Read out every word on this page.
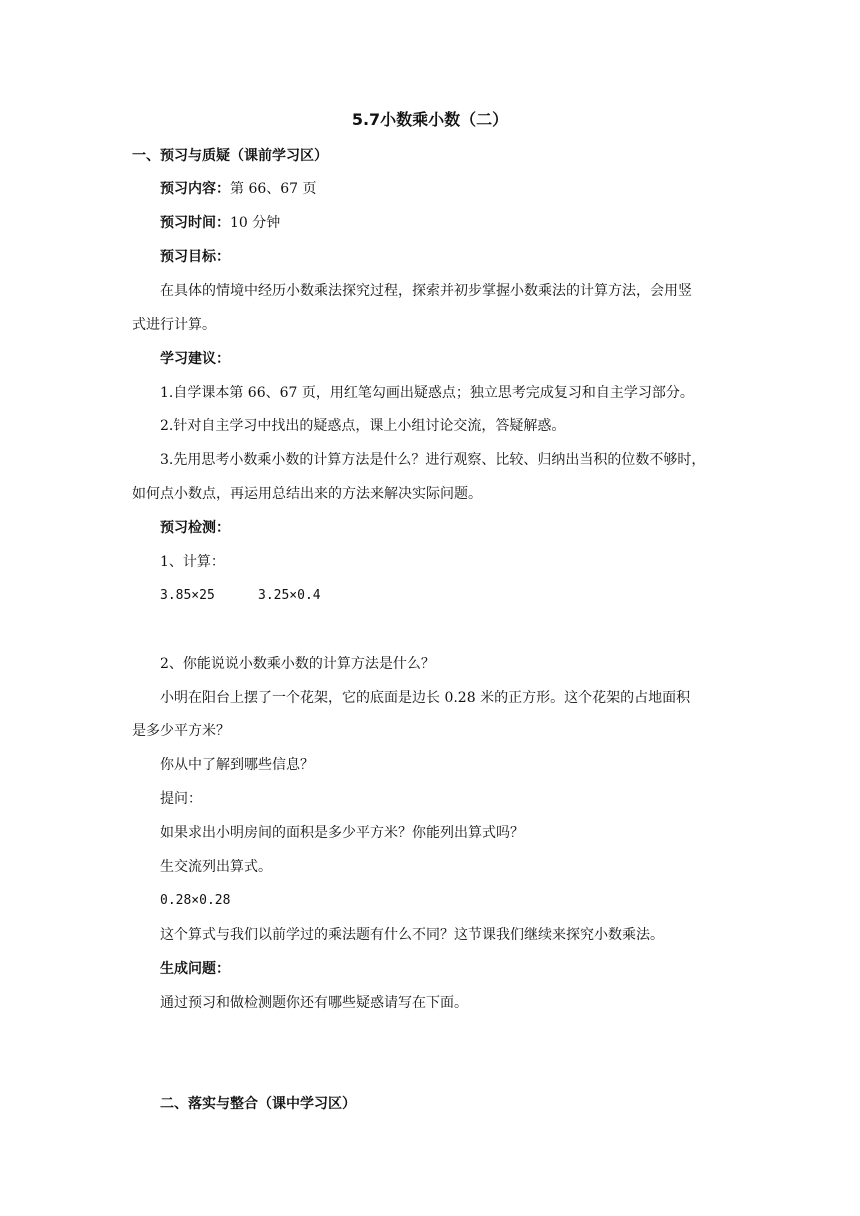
5.7小数乘小数（二）
一、预习与质疑（课前学习区）
预习内容：第 66、67 页
预习时间：10 分钟
预习目标：
在具体的情境中经历小数乘法探究过程，探索并初步掌握小数乘法的计算方法，会用竖
式进行计算。
学习建议：
1.自学课本第 66、67 页，用红笔勾画出疑惑点；独立思考完成复习和自主学习部分。
2.针对自主学习中找出的疑惑点，课上小组讨论交流，答疑解惑。
3.先用思考小数乘小数的计算方法是什么？进行观察、比较、归纳出当积的位数不够时，
如何点小数点，再运用总结出来的方法来解决实际问题。
预习检测：
1、计算：
3.85×25	3.25×0.4
2、你能说说小数乘小数的计算方法是什么？
小明在阳台上摆了一个花架，它的底面是边长 0.28 米的正方形。这个花架的占地面积
是多少平方米？
你从中了解到哪些信息？
提问：
如果求出小明房间的面积是多少平方米？你能列出算式吗？
生交流列出算式。
0.28×0.28
这个算式与我们以前学过的乘法题有什么不同？这节课我们继续来探究小数乘法。
生成问题：
通过预习和做检测题你还有哪些疑惑请写在下面。
二、落实与整合（课中学习区）
